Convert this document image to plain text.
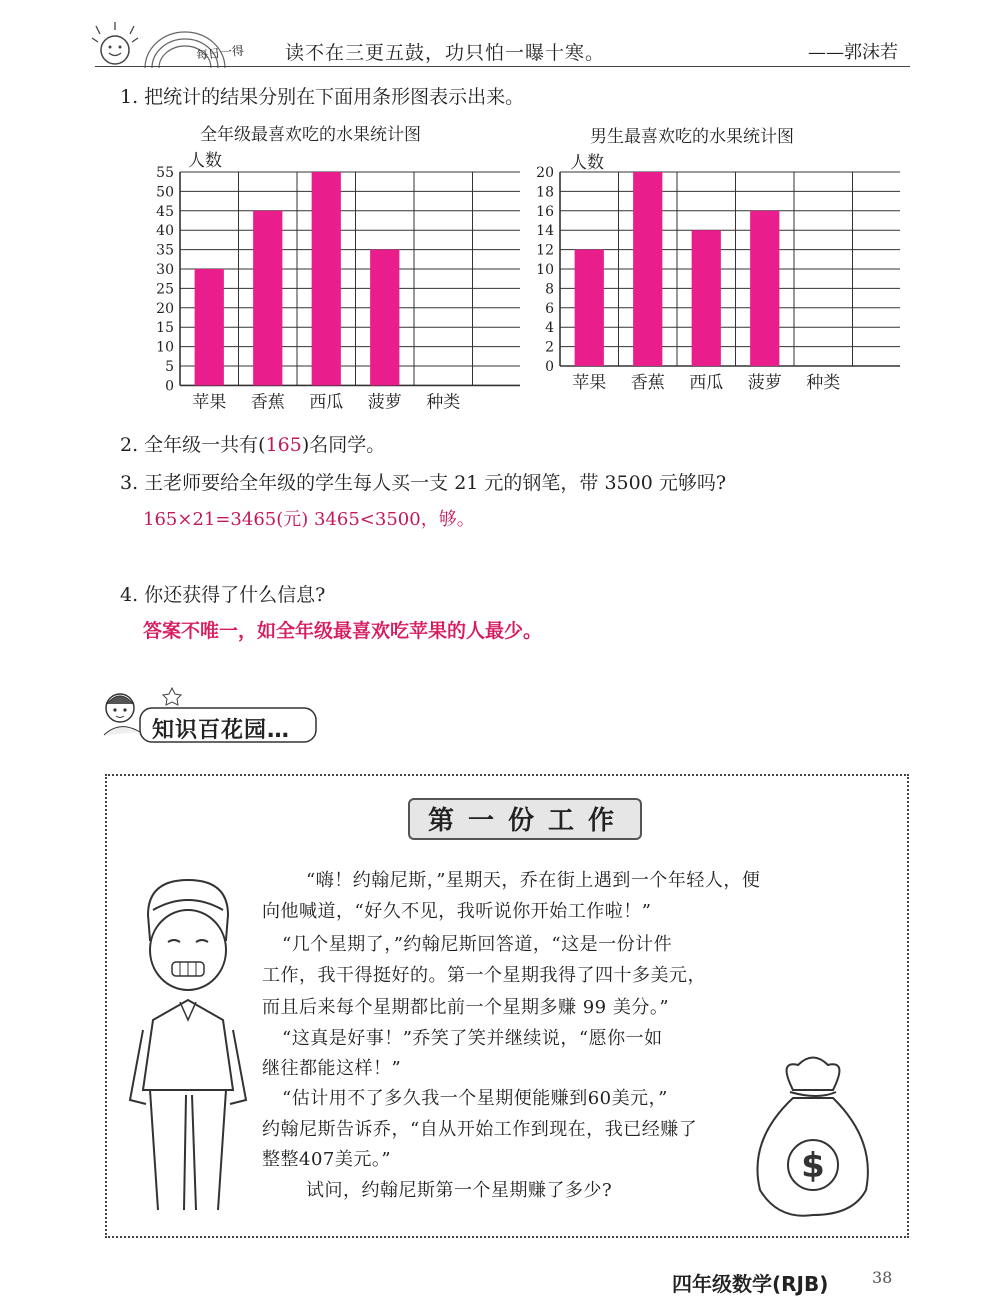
每日一得 读不在三更五鼓，功只怕一曝十寒。	——郭沫若
1. 把统计的结果分别在下面用条形图表示出来。
全年级最喜欢吃的水果统计图
人数
0
5
10
15
20
25
30
35
40
45
50
55
苹果 香蕉 西瓜 菠萝 种类
男生最喜欢吃的水果统计图
人数
0
2
4
6
8
10
12
14
16
18
20
苹果 香蕉 西瓜 菠萝 种类
2. 全年级一共有(165)名同学。
3. 王老师要给全年级的学生每人买一支 21 元的钢笔，带 3500 元够吗?
165×21=3465(元) 3465<3500，够。
4. 你还获得了什么信息?
答案不唯一，如全年级最喜欢吃苹果的人最少。
知识百花园…
第一份工作
“嗨！约翰尼斯，”星期天，乔在街上遇到一个年轻人，便
向他喊道，“好久不见，我听说你开始工作啦！”
“几个星期了，”约翰尼斯回答道，“这是一份计件
工作，我干得挺好的。第一个星期我得了四十多美元，
而且后来每个星期都比前一个星期多赚 99 美分。”
“这真是好事！”乔笑了笑并继续说，“愿你一如
继往都能这样！”
“估计用不了多久我一个星期便能赚到60美元，”
约翰尼斯告诉乔，“自从开始工作到现在，我已经赚了
整整407美元。”
试问，约翰尼斯第一个星期赚了多少?
$
四年级数学(RJB)	38
